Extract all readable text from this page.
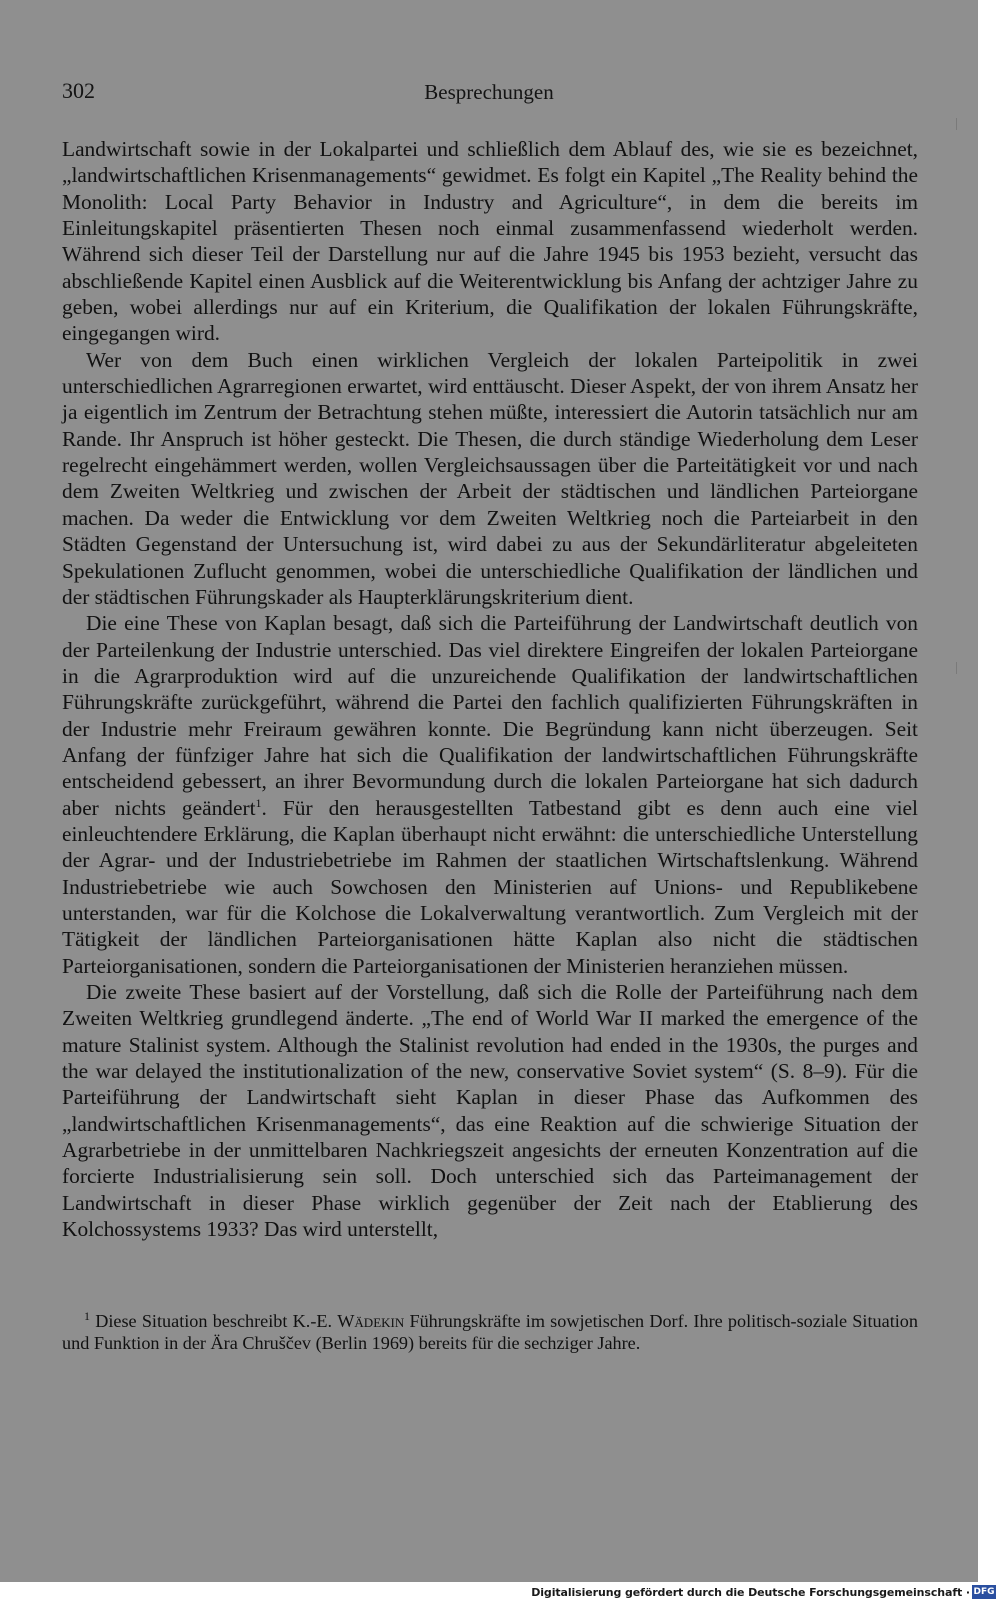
302	Besprechungen

Landwirtschaft sowie in der Lokalpartei und schließlich dem Ablauf des, wie sie es bezeichnet, „landwirtschaftlichen Krisenmanagements“ gewidmet. Es folgt ein Kapitel „The Reality behind the Monolith: Local Party Behavior in Industry and Agriculture“, in dem die bereits im Einleitungskapitel präsentierten Thesen noch einmal zusammenfassend wiederholt werden. Während sich dieser Teil der Darstellung nur auf die Jahre 1945 bis 1953 bezieht, versucht das abschließende Kapitel einen Ausblick auf die Weiterentwicklung bis Anfang der achtziger Jahre zu geben, wobei allerdings nur auf ein Kriterium, die Qualifikation der lokalen Führungskräfte, eingegangen wird.

Wer von dem Buch einen wirklichen Vergleich der lokalen Parteipolitik in zwei unterschiedlichen Agrarregionen erwartet, wird enttäuscht. Dieser Aspekt, der von ihrem Ansatz her ja eigentlich im Zentrum der Betrachtung stehen müßte, interessiert die Autorin tatsächlich nur am Rande. Ihr Anspruch ist höher gesteckt. Die Thesen, die durch ständige Wiederholung dem Leser regelrecht eingehämmert werden, wollen Vergleichsaussagen über die Parteitätigkeit vor und nach dem Zweiten Weltkrieg und zwischen der Arbeit der städtischen und ländlichen Parteiorgane machen. Da weder die Entwicklung vor dem Zweiten Weltkrieg noch die Parteiarbeit in den Städten Gegenstand der Untersuchung ist, wird dabei zu aus der Sekundärliteratur abgeleiteten Spekulationen Zuflucht genommen, wobei die unterschiedliche Qualifikation der ländlichen und der städtischen Führungskader als Haupterklärungskriterium dient.

Die eine These von Kaplan besagt, daß sich die Parteiführung der Landwirtschaft deutlich von der Parteilenkung der Industrie unterschied. Das viel direktere Eingreifen der lokalen Parteiorgane in die Agrarproduktion wird auf die unzureichende Qualifikation der landwirtschaftlichen Führungskräfte zurückgeführt, während die Partei den fachlich qualifizierten Führungskräften in der Industrie mehr Freiraum gewähren konnte. Die Begründung kann nicht überzeugen. Seit Anfang der fünfziger Jahre hat sich die Qualifikation der landwirtschaftlichen Führungskräfte entscheidend gebessert, an ihrer Bevormundung durch die lokalen Parteiorgane hat sich dadurch aber nichts geändert$^1$. Für den herausgestellten Tatbestand gibt es denn auch eine viel einleuchtendere Erklärung, die Kaplan überhaupt nicht erwähnt: die unterschiedliche Unterstellung der Agrar- und der Industriebetriebe im Rahmen der staatlichen Wirtschaftslenkung. Während Industriebetriebe wie auch Sowchosen den Ministerien auf Unions- und Republikebene unterstanden, war für die Kolchose die Lokalverwaltung verantwortlich. Zum Vergleich mit der Tätigkeit der ländlichen Parteiorganisationen hätte Kaplan also nicht die städtischen Parteiorganisationen, sondern die Parteiorganisationen der Ministerien heranziehen müssen.

Die zweite These basiert auf der Vorstellung, daß sich die Rolle der Parteiführung nach dem Zweiten Weltkrieg grundlegend änderte. „The end of World War II marked the emergence of the mature Stalinist system. Although the Stalinist revolution had ended in the 1930s, the purges and the war delayed the institutionalization of the new, conservative Soviet system“ (S. 8–9). Für die Parteiführung der Landwirtschaft sieht Kaplan in dieser Phase das Aufkommen des „landwirtschaftlichen Krisenmanagements“, das eine Reaktion auf die schwierige Situation der Agrarbetriebe in der unmittelbaren Nachkriegszeit angesichts der erneuten Konzentration auf die forcierte Industrialisierung sein soll. Doch unterschied sich das Parteimanagement der Landwirtschaft in dieser Phase wirklich gegenüber der Zeit nach der Etablierung des Kolchossystems 1933? Das wird unterstellt,

$^1$ Diese Situation beschreibt K.-E. Wädekin Führungskräfte im sowjetischen Dorf. Ihre politisch-soziale Situation und Funktion in der Ära Chruščev (Berlin 1969) bereits für die sechziger Jahre.

Digitalisierung gefördert durch die Deutsche Forschungsgemeinschaft · DFG
